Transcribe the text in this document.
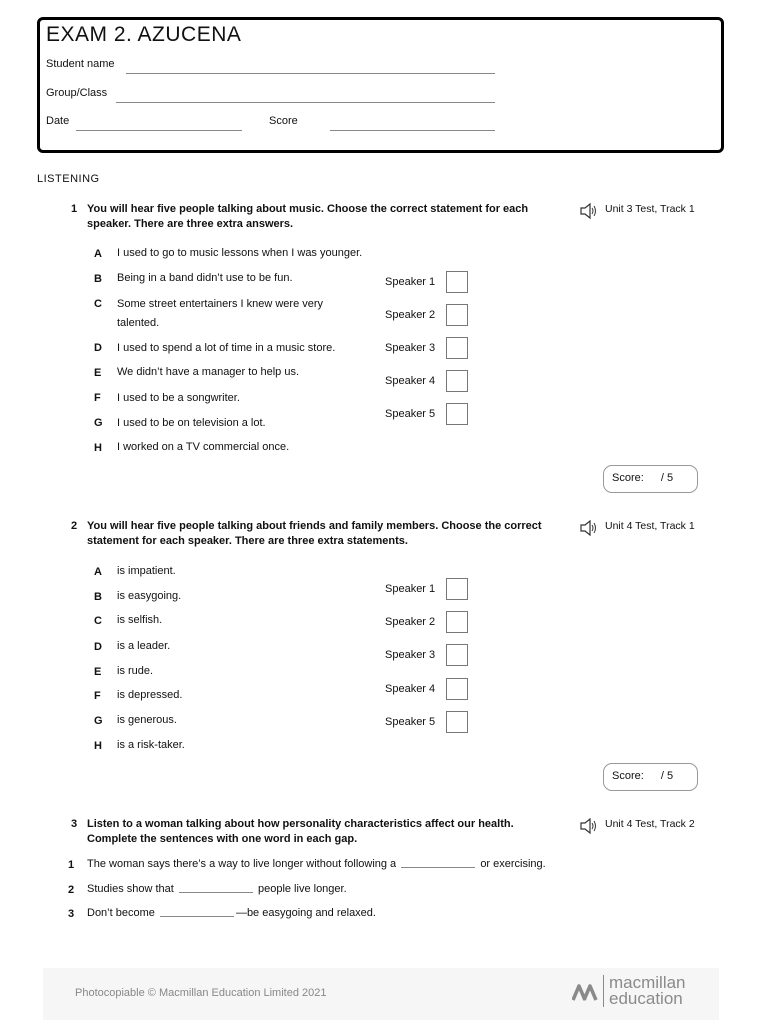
EXAM 2. AZUCENA
Student name
Group/Class
Date	Score
LISTENING
1 You will hear five people talking about music. Choose the correct statement for each
speaker. There are three extra answers.
Unit 3 Test, Track 1
A I used to go to music lessons when I was younger.
B Being in a band didn’t use to be fun.
C Some street entertainers I knew were very
talented.
D I used to spend a lot of time in a music store.
E We didn’t have a manager to help us.
F I used to be a songwriter.
G I used to be on television a lot.
H I worked on a TV commercial once.
Speaker 1
Speaker 2
Speaker 3
Speaker 4
Speaker 5
Score: / 5
2 You will hear five people talking about friends and family members. Choose the correct
statement for each speaker. There are three extra statements.
Unit 4 Test, Track 1
A is impatient.
B is easygoing.
C is selfish.
D is a leader.
E is rude.
F is depressed.
G is generous.
H is a risk-taker.
Speaker 1
Speaker 2
Speaker 3
Speaker 4
Speaker 5
Score: / 5
3 Listen to a woman talking about how personality characteristics affect our health.
Complete the sentences with one word in each gap.
Unit 4 Test, Track 2
1 The woman says there’s a way to live longer without following a	or exercising.
2 Studies show that	people live longer.
3 Don’t become	—be easygoing and relaxed.
Photocopiable © Macmillan Education Limited 2021
macmillan
education
